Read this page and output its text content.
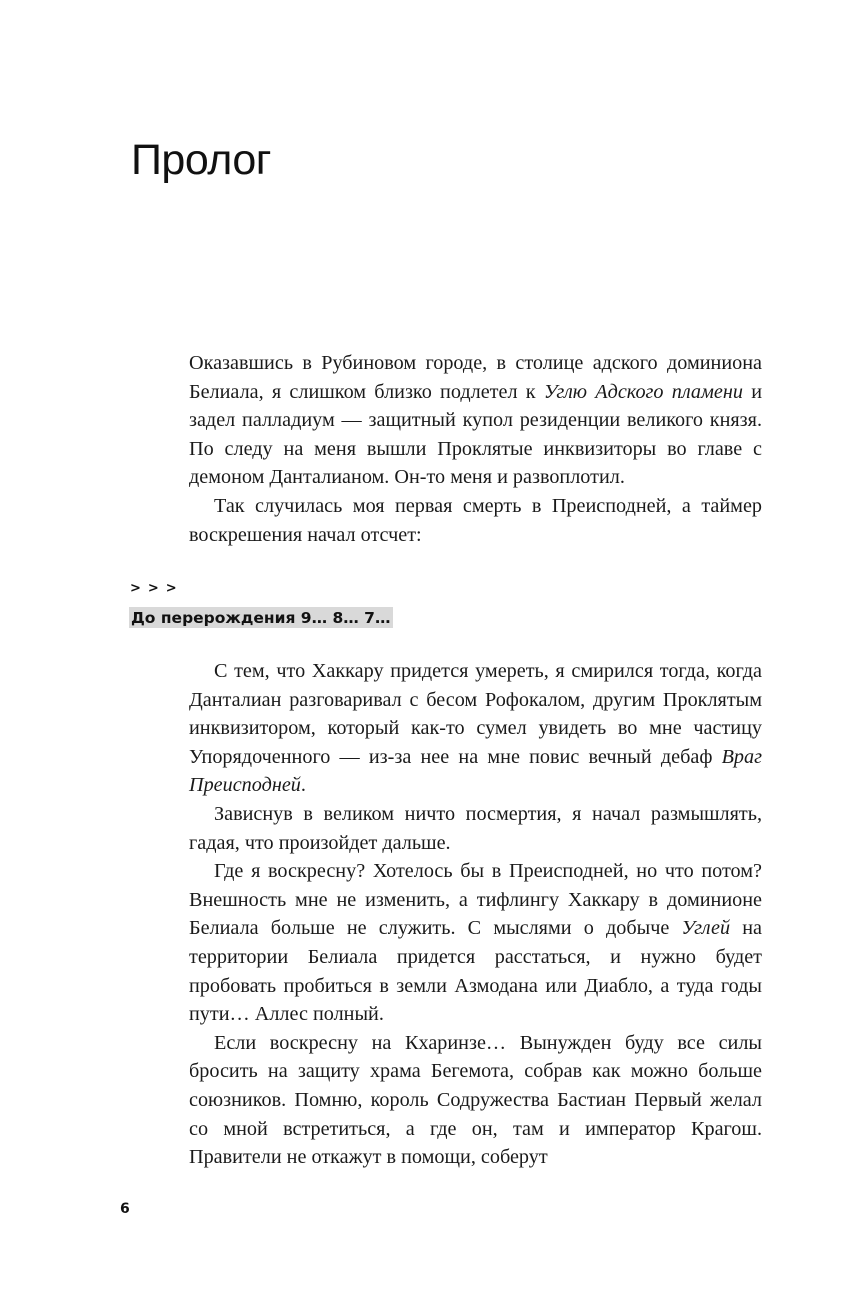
Пролог

Оказавшись в Рубиновом городе, в столице адского доминиона Белиала, я слишком близко подлетел к Углю Адского пламени и задел палладиум — защитный купол резиденции великого князя. По следу на меня вышли Проклятые инквизиторы во главе с демоном Данталианом. Он-то меня и развоплотил.

Так случилась моя первая смерть в Преисподней, а таймер воскрешения начал отсчет:

>>>
До перерождения 9… 8… 7…

С тем, что Хаккару придется умереть, я смирился тогда, когда Данталиан разговаривал с бесом Рофокалом, другим Проклятым инквизитором, который как-то сумел увидеть во мне частицу Упорядоченного — из-за нее на мне повис вечный дебаф Враг Преисподней.

Зависнув в великом ничто посмертия, я начал размышлять, гадая, что произойдет дальше.

Где я воскресну? Хотелось бы в Преисподней, но что потом? Внешность мне не изменить, а тифлингу Хаккару в доминионе Белиала больше не служить. С мыслями о добыче Углей на территории Белиала придется расстаться, и нужно будет пробовать пробиться в земли Азмодана или Диабло, а туда годы пути… Аллес полный.

Если воскресну на Кхаринзе… Вынужден буду все силы бросить на защиту храма Бегемота, собрав как можно больше союзников. Помню, король Содружества Бастиан Первый желал со мной встретиться, а где он, там и император Крагош. Правители не откажут в помощи, соберут

6
